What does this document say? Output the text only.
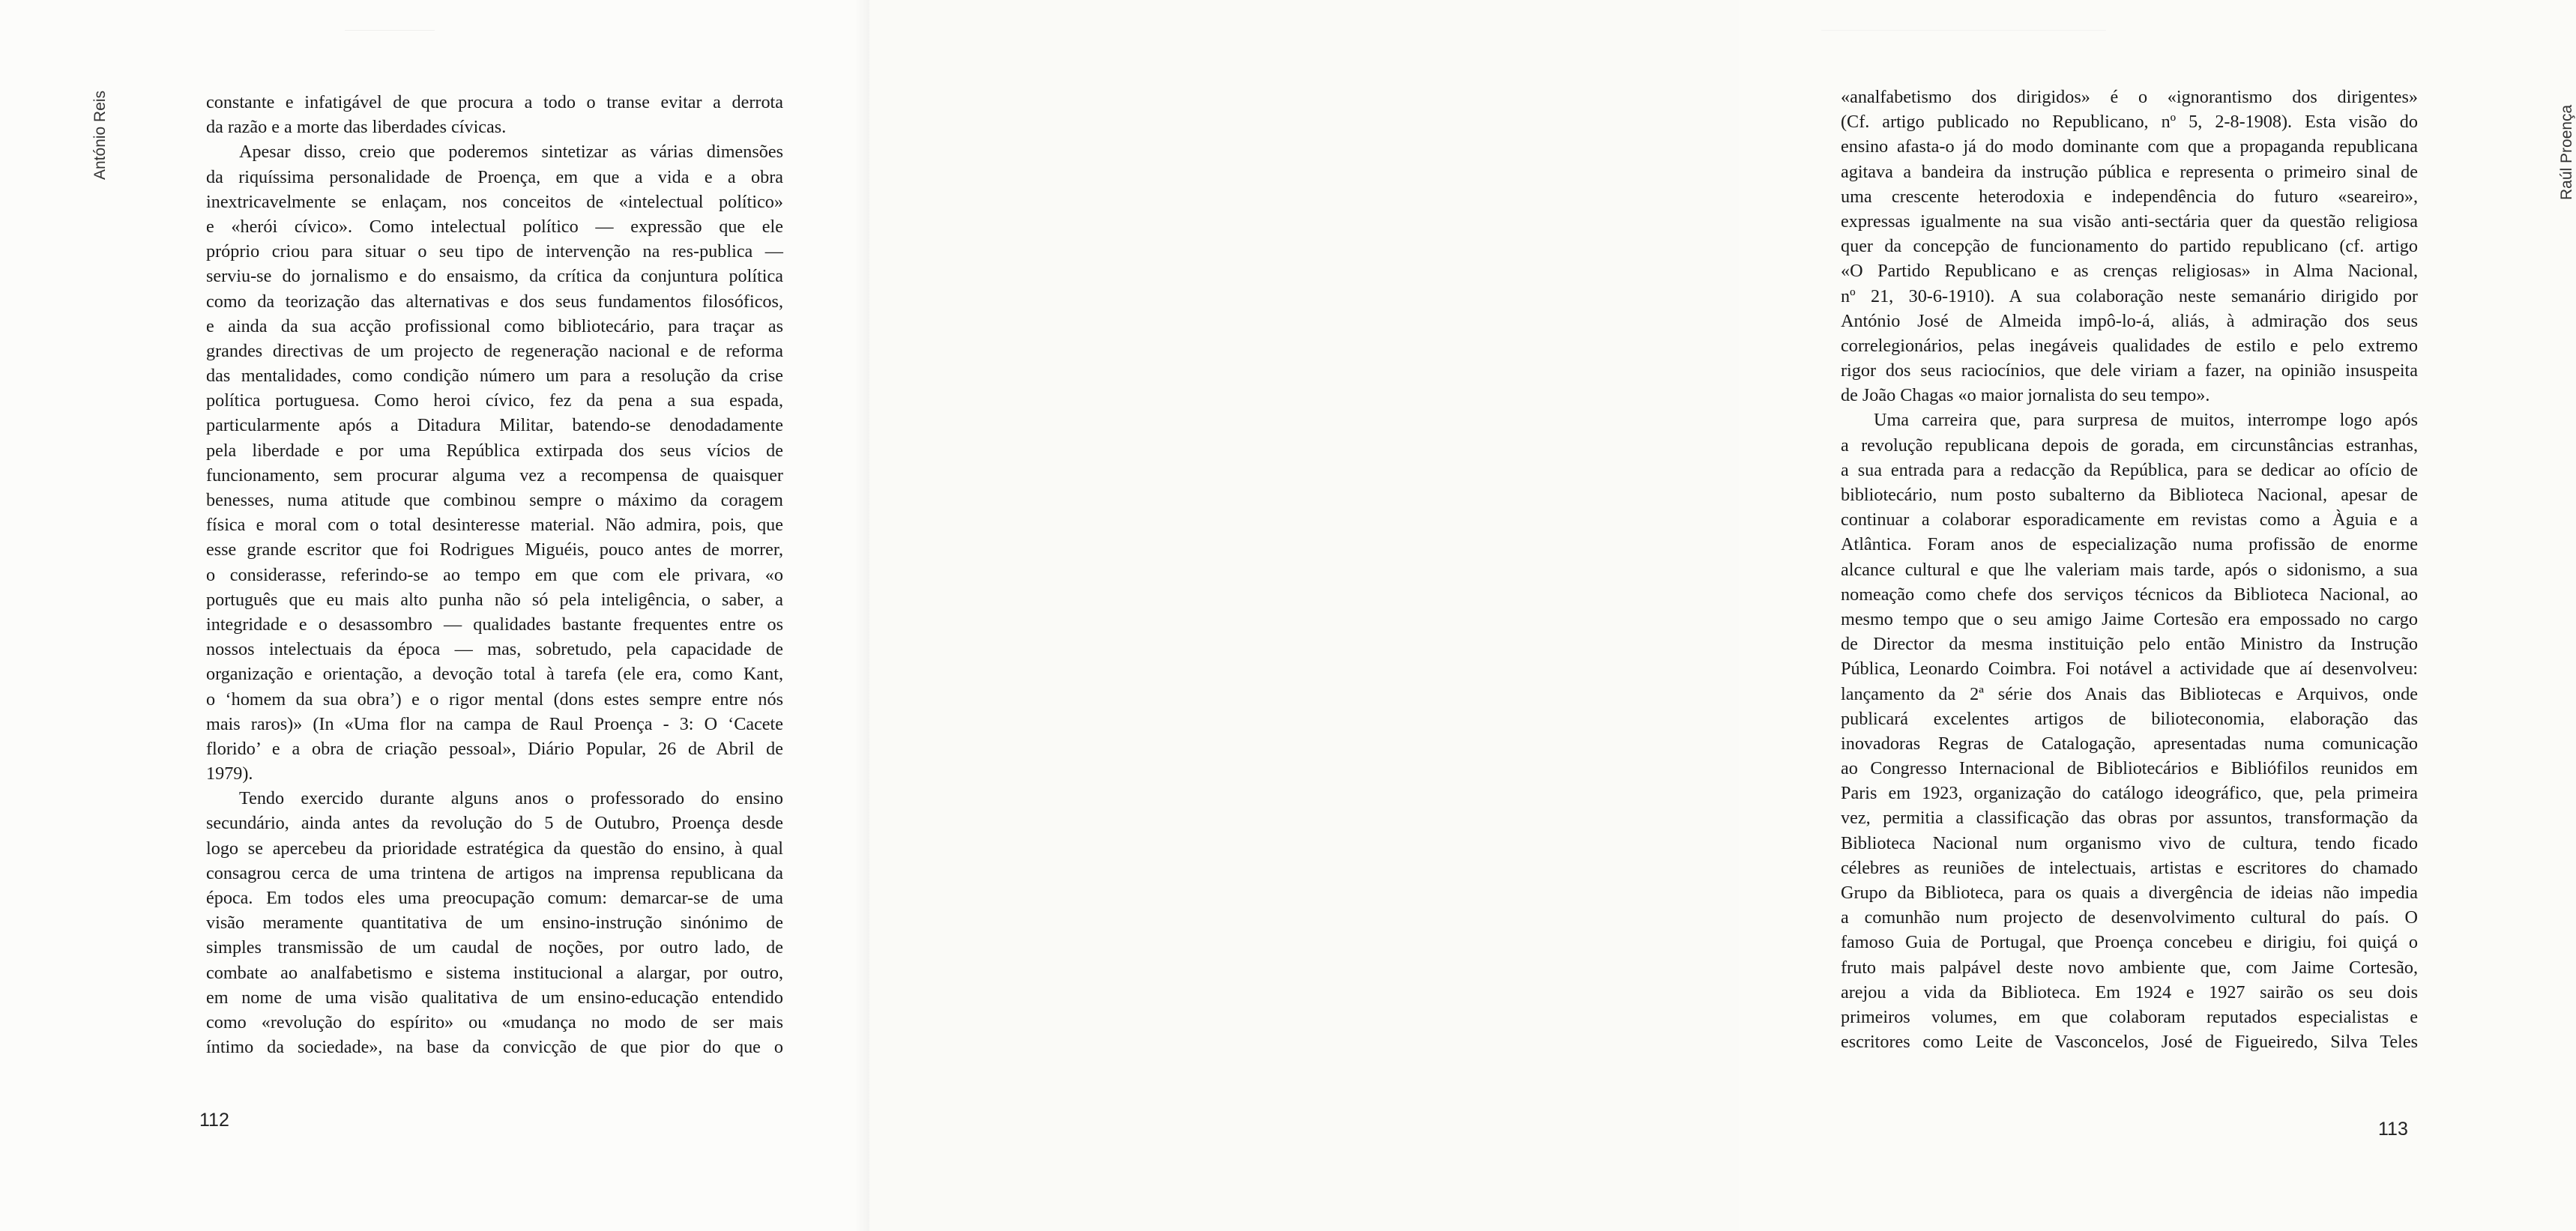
António Reis	constante e infatigável de que procura a todo o transe evitar a derrota
da razão e a morte das liberdades cívicas.
Apesar disso, creio que poderemos sintetizar as várias dimensões
da riquíssima personalidade de Proença, em que a vida e a obra
inextricavelmente se enlaçam, nos conceitos de «intelectual político»
e «herói cívico». Como intelectual político — expressão que ele
próprio criou para situar o seu tipo de intervenção na res-publica —
serviu-se do jornalismo e do ensaismo, da crítica da conjuntura política
como da teorização das alternativas e dos seus fundamentos filosóficos,
e ainda da sua acção profissional como bibliotecário, para traçar as
grandes directivas de um projecto de regeneração nacional e de reforma
das mentalidades, como condição número um para a resolução da crise
política portuguesa. Como heroi cívico, fez da pena a sua espada,
particularmente após a Ditadura Militar, batendo-se denodadamente
pela liberdade e por uma República extirpada dos seus vícios de
funcionamento, sem procurar alguma vez a recompensa de quaisquer
benesses, numa atitude que combinou sempre o máximo da coragem
física e moral com o total desinteresse material. Não admira, pois, que
esse grande escritor que foi Rodrigues Miguéis, pouco antes de morrer,
o considerasse, referindo-se ao tempo em que com ele privara, «o
português que eu mais alto punha não só pela inteligência, o saber, a
integridade e o desassombro — qualidades bastante frequentes entre os
nossos intelectuais da época — mas, sobretudo, pela capacidade de
organização e orientação, a devoção total à tarefa (ele era, como Kant,
o ‘homem da sua obra’) e o rigor mental (dons estes sempre entre nós
mais raros)» (In «Uma flor na campa de Raul Proença - 3: O ‘Cacete
florido’ e a obra de criação pessoal», Diário Popular, 26 de Abril de
1979).
Tendo exercido durante alguns anos o professorado do ensino
secundário, ainda antes da revolução do 5 de Outubro, Proença desde
logo se apercebeu da prioridade estratégica da questão do ensino, à qual
consagrou cerca de uma trintena de artigos na imprensa republicana da
época. Em todos eles uma preocupação comum: demarcar-se de uma
visão meramente quantitativa de um ensino-instrução sinónimo de
simples transmissão de um caudal de noções, por outro lado, de
combate ao analfabetismo e sistema institucional a alargar, por outro,
em nome de uma visão qualitativa de um ensino-educação entendido
como «revolução do espírito» ou «mudança no modo de ser mais
íntimo da sociedade», na base da convicção de que pior do que o
112
Raúl Proença
«analfabetismo dos dirigidos» é o «ignorantismo dos dirigentes»
(Cf. artigo publicado no Republicano, nº 5, 2-8-1908). Esta visão do
ensino afasta-o já do modo dominante com que a propaganda republicana
agitava a bandeira da instrução pública e representa o primeiro sinal de
uma crescente heterodoxia e independência do futuro «seareiro»,
expressas igualmente na sua visão anti-sectária quer da questão religiosa
quer da concepção de funcionamento do partido republicano (cf. artigo
«O Partido Republicano e as crenças religiosas» in Alma Nacional,
nº 21, 30-6-1910). A sua colaboração neste semanário dirigido por
António José de Almeida impô-lo-á, aliás, à admiração dos seus
correlegionários, pelas inegáveis qualidades de estilo e pelo extremo
rigor dos seus raciocínios, que dele viriam a fazer, na opinião insuspeita
de João Chagas «o maior jornalista do seu tempo».
Uma carreira que, para surpresa de muitos, interrompe logo após
a revolução republicana depois de gorada, em circunstâncias estranhas,
a sua entrada para a redacção da República, para se dedicar ao ofício de
bibliotecário, num posto subalterno da Biblioteca Nacional, apesar de
continuar a colaborar esporadicamente em revistas como a Àguia e a
Atlântica. Foram anos de especialização numa profissão de enorme
alcance cultural e que lhe valeriam mais tarde, após o sidonismo, a sua
nomeação como chefe dos serviços técnicos da Biblioteca Nacional, ao
mesmo tempo que o seu amigo Jaime Cortesão era empossado no cargo
de Director da mesma instituição pelo então Ministro da Instrução
Pública, Leonardo Coimbra. Foi notável a actividade que aí desenvolveu:
lançamento da 2ª série dos Anais das Bibliotecas e Arquivos, onde
publicará excelentes artigos de bilioteconomia, elaboração das
inovadoras Regras de Catalogação, apresentadas numa comunicação
ao Congresso Internacional de Bibliotecários e Bibliófilos reunidos em
Paris em 1923, organização do catálogo ideográfico, que, pela primeira
vez, permitia a classificação das obras por assuntos, transformação da
Biblioteca Nacional num organismo vivo de cultura, tendo ficado
célebres as reuniões de intelectuais, artistas e escritores do chamado
Grupo da Biblioteca, para os quais a divergência de ideias não impedia
a comunhão num projecto de desenvolvimento cultural do país. O
famoso Guia de Portugal, que Proença concebeu e dirigiu, foi quiçá o
fruto mais palpável deste novo ambiente que, com Jaime Cortesão,
arejou a vida da Biblioteca. Em 1924 e 1927 sairão os seu dois
primeiros volumes, em que colaboram reputados especialistas e
escritores como Leite de Vasconcelos, José de Figueiredo, Silva Teles
113
